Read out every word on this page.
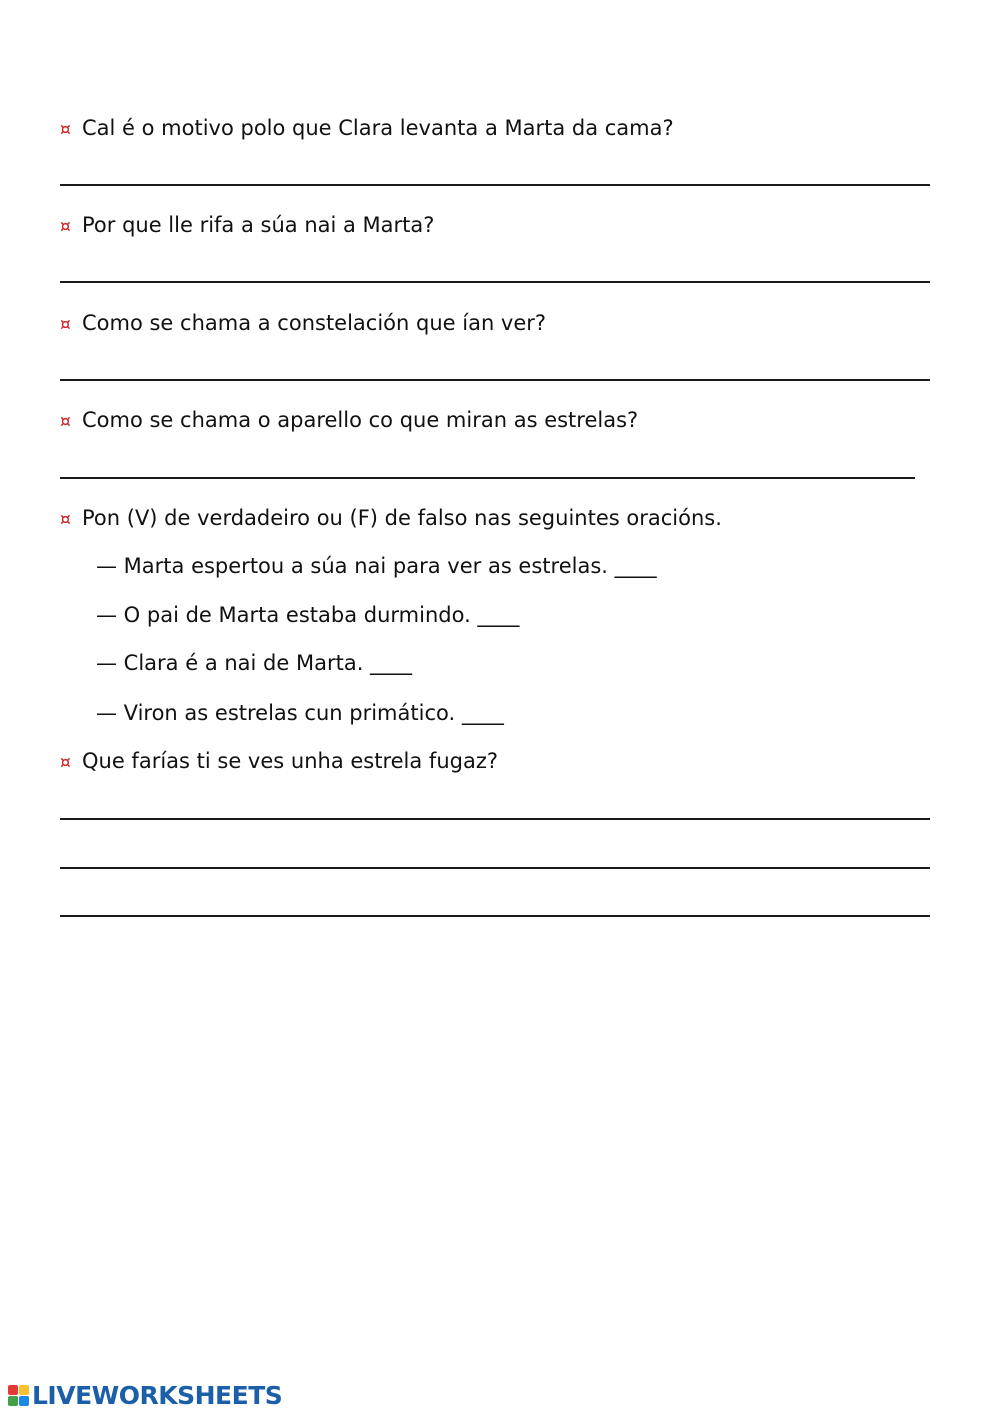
¤ Cal é o motivo polo que Clara levanta a Marta da cama?
¤ Por que lle rifa a súa nai a Marta?
¤ Como se chama a constelación que ían ver?
¤ Como se chama o aparello co que miran as estrelas?
¤ Pon (V) de verdadeiro ou (F) de falso nas seguintes oracións.
— Marta espertou a súa nai para ver as estrelas. ____
— O pai de Marta estaba durmindo. ____
— Clara é a nai de Marta. ____
— Viron as estrelas cun primático. ____
¤ Que farías ti se ves unha estrela fugaz?
LIVEWORKSHEETS
